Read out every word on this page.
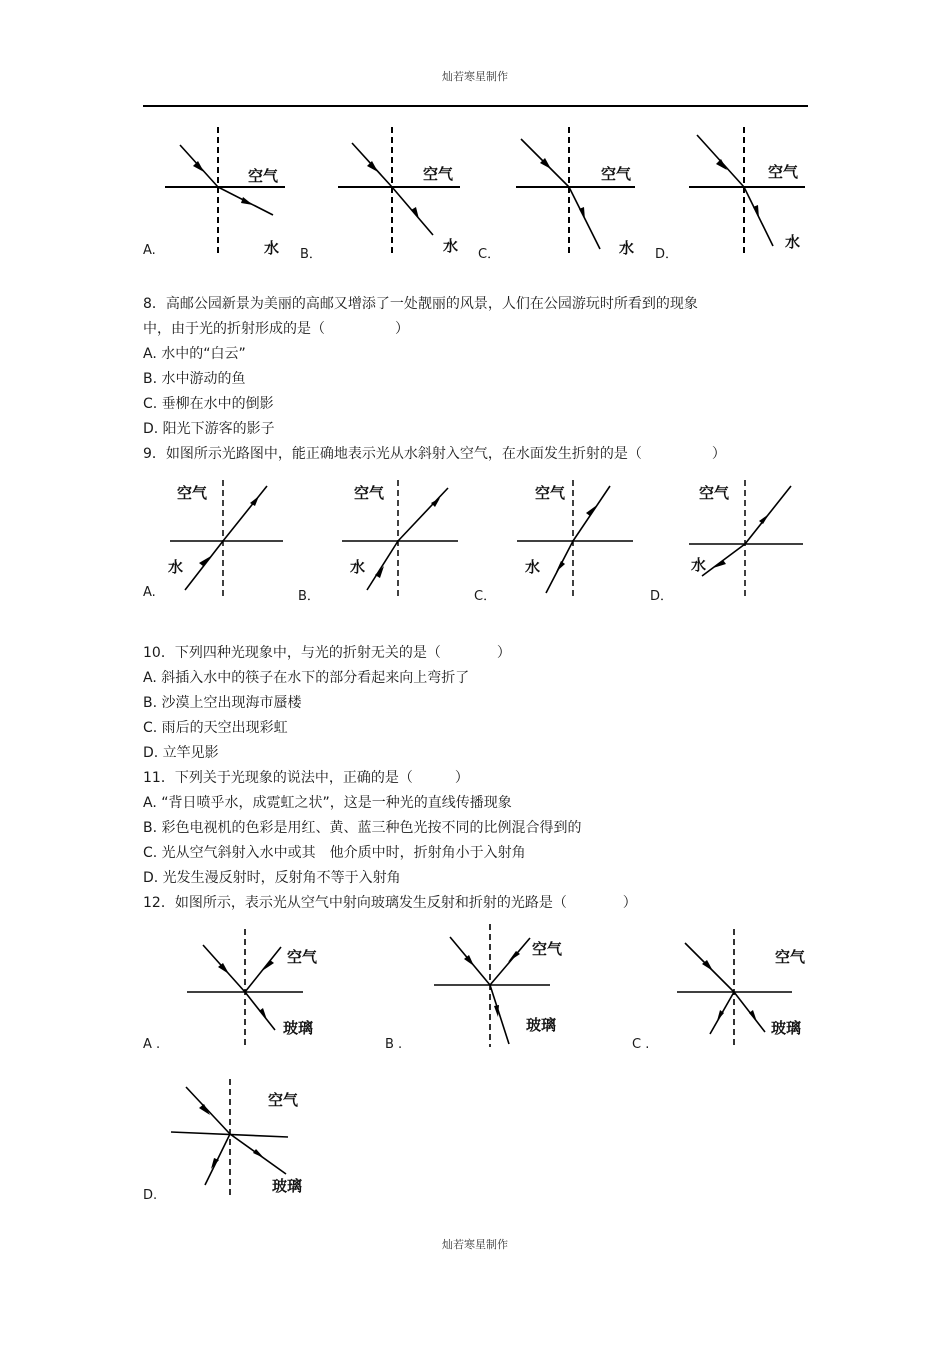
灿若寒星制作
空气
水
空气
水
空气
水
空气
水
A.	B．	C．	D．
8．高邮公园新景为美丽的高邮又增添了一处靓丽的风景，人们在公园游玩时所看到的现象
中，由于光的折射形成的是（　　　　　）
A. 水中的“白云”
B. 水中游动的鱼
C. 垂柳在水中的倒影
D. 阳光下游客的影子
9．如图所示光路图中，能正确地表示光从水斜射入空气，在水面发生折射的是（　　　　　）
空气
水
空气
水
空气
水
空气
水
A.	B．	C．	D．
10．下列四种光现象中，与光的折射无关的是（　　　　）
A. 斜插入水中的筷子在水下的部分看起来向上弯折了
B. 沙漠上空出现海市蜃楼
C. 雨后的天空出现彩虹
D. 立竿见影
11．下列关于光现象的说法中，正确的是（　　　）
A. “背日喷乎水，成霓虹之状”，这是一种光的直线传播现象
B. 彩色电视机的色彩是用红、黄、蓝三种色光按不同的比例混合得到的
C. 光从空气斜射入水中或其　他介质中时，折射角小于入射角
D. 光发生漫反射时，反射角不等于入射角
12．如图所示，表示光从空气中射向玻璃发生反射和折射的光路是（　　　　）
空气
玻璃
空气
玻璃
空气
玻璃
A .	B .	C .
空气
玻璃
D.
灿若寒星制作
